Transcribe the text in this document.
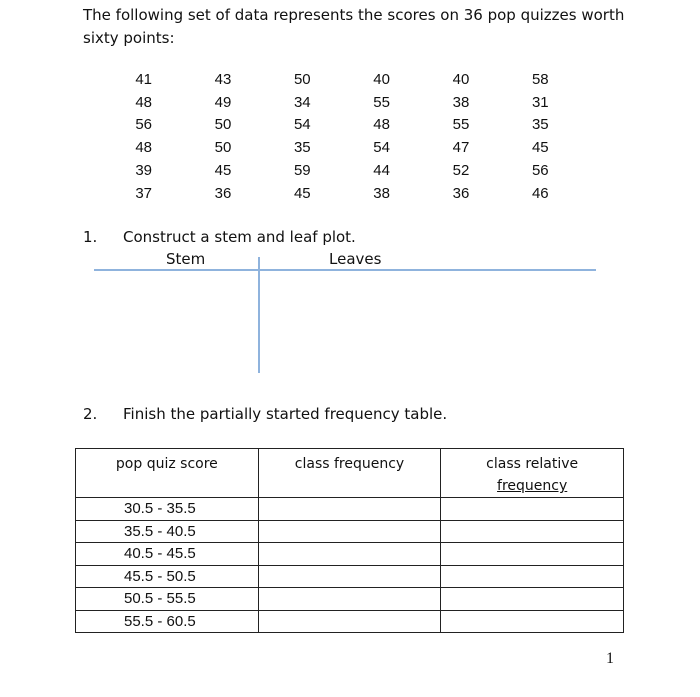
The following set of data represents the scores on 36 pop quizzes worth sixty points:
41	43	50	40	40	58
48	49	34	55	38	31
56	50	54	48	55	35
48	50	35	54	47	45
39	45	59	44	52	56
37	36	45	38	36	46
1. Construct a stem and leaf plot.
Stem	Leaves
2. Finish the partially started frequency table.
pop quiz score	class frequency	class relative
frequency
30.5 - 35.5		
35.5 - 40.5		
40.5 - 45.5		
45.5 - 50.5		
50.5 - 55.5		
55.5 - 60.5		
1
